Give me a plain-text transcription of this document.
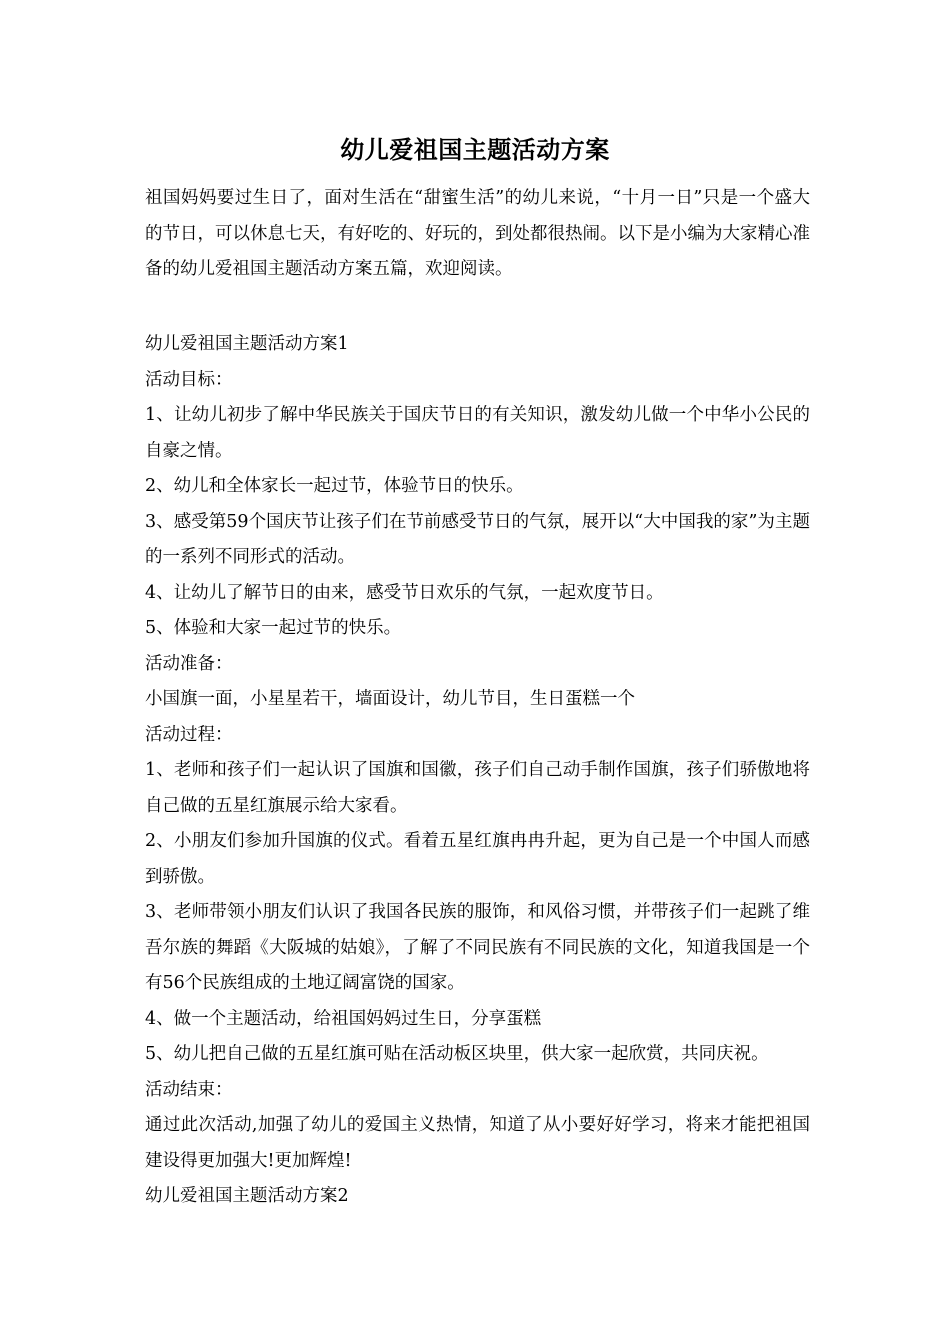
幼儿爱祖国主题活动方案

祖国妈妈要过生日了，面对生活在“甜蜜生活”的幼儿来说，“十月一日”只是一个盛大的节日，可以休息七天，有好吃的、好玩的，到处都很热闹。以下是小编为大家精心准备的幼儿爱祖国主题活动方案五篇，欢迎阅读。

幼儿爱祖国主题活动方案1

活动目标：

1、让幼儿初步了解中华民族关于国庆节日的有关知识，激发幼儿做一个中华小公民的自豪之情。

2、幼儿和全体家长一起过节，体验节日的快乐。

3、感受第59个国庆节让孩子们在节前感受节日的气氛，展开以“大中国我的家”为主题的一系列不同形式的活动。

4、让幼儿了解节日的由来，感受节日欢乐的气氛，一起欢度节日。

5、体验和大家一起过节的快乐。

活动准备：

小国旗一面，小星星若干，墙面设计，幼儿节目，生日蛋糕一个

活动过程：

1、老师和孩子们一起认识了国旗和国徽，孩子们自己动手制作国旗，孩子们骄傲地将自己做的五星红旗展示给大家看。

2、小朋友们参加升国旗的仪式。看着五星红旗冉冉升起，更为自己是一个中国人而感到骄傲。

3、老师带领小朋友们认识了我国各民族的服饰，和风俗习惯，并带孩子们一起跳了维吾尔族的舞蹈《大阪城的姑娘》，了解了不同民族有不同民族的文化，知道我国是一个有56个民族组成的土地辽阔富饶的国家。

4、做一个主题活动，给祖国妈妈过生日，分享蛋糕

5、幼儿把自己做的五星红旗可贴在活动板区块里，供大家一起欣赏，共同庆祝。

活动结束：

通过此次活动,加强了幼儿的爱国主义热情，知道了从小要好好学习，将来才能把祖国建设得更加强大!更加辉煌!

幼儿爱祖国主题活动方案2
